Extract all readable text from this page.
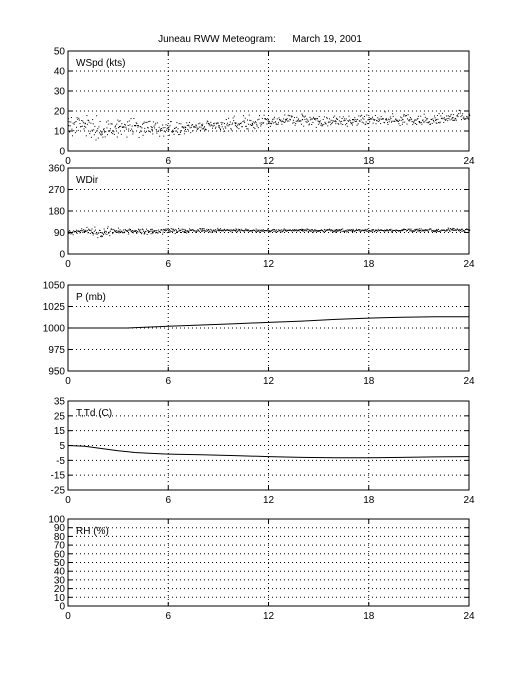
Juneau RWW Meteogram: March 19, 2001
0	6	12	18	24
0
10
20
30
40
50
WSpd (kts)
0	6	12	18	24
0
90
180
270
360
WDir
0	6	12	18	24
950
975
1000
1025
1050
P (mb)
0	6	12	18	24
-25
-15
-5
5
15
25
35
T,Td (C)
0	6	12	18	24
0
10
20
30
40
50
60
70
80
90
100
RH (%)
